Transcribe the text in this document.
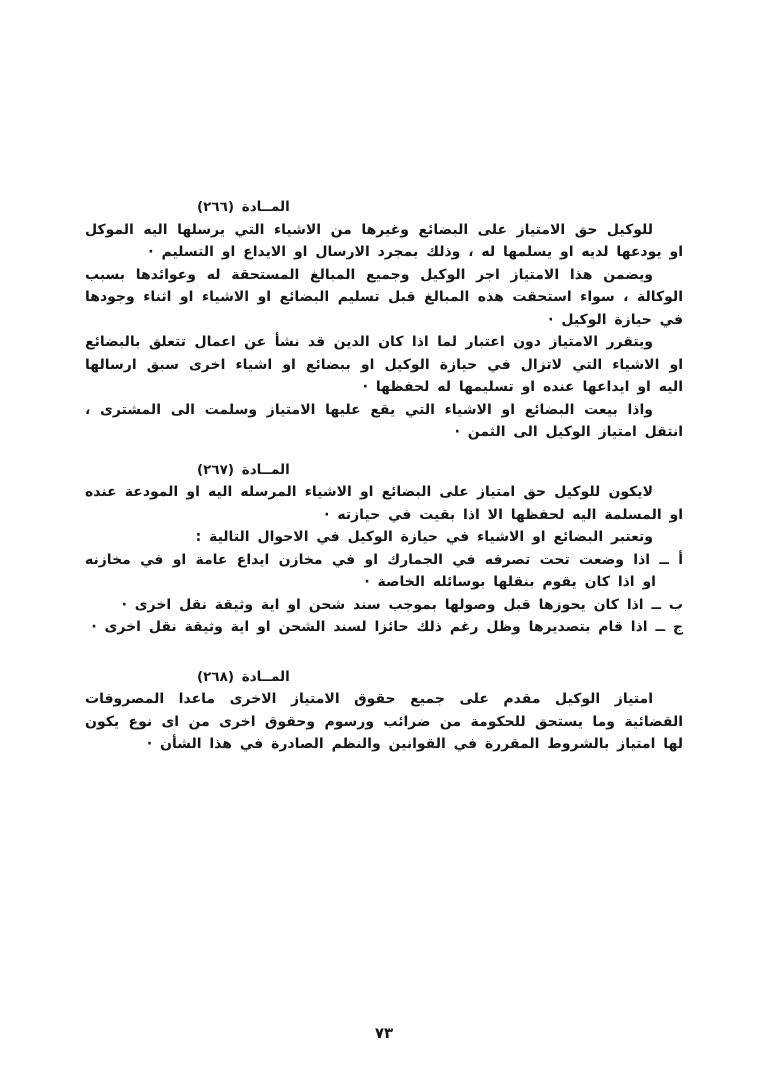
المــادة (٢٦٦)

للوكيل حق الامتياز على البضائع وغيرها من الاشياء التي يرسلها اليه الموكل او يودعها لديه او يسلمها له ، وذلك بمجرد الارسال او الايداع او التسليم ·

ويضمن هذا الامتياز اجر الوكيل وجميع المبالغ المستحقة له وعوائدها بسبب الوكالة ، سواء استحقت هذه المبالغ قبل تسليم البضائع او الاشياء او اثناء وجودها في حيازة الوكيل ·

ويتقرر الامتياز دون اعتبار لما اذا كان الدين قد نشأ عن اعمال تتعلق بالبضائع او الاشياء التي لاتزال في حيازة الوكيل او ببضائع او اشياء اخرى سبق ارسالها اليه او ايداعها عنده او تسليمها له لحفظها ·

واذا بيعت البضائع او الاشياء التي يقع عليها الامتياز وسلمت الى المشترى ، انتقل امتياز الوكيل الى الثمن ·

المــادة (٢٦٧)

لايكون للوكيل حق امتياز على البضائع او الاشياء المرسله اليه او المودعة عنده او المسلمة اليه لحفظها الا اذا بقيت في حيازته ·

وتعتبر البضائع او الاشياء في حيازة الوكيل في الاحوال التالية :

أ ــ اذا وضعت تحت تصرفه في الجمارك او في مخازن ايداع عامة او في مخازنه او اذا كان يقوم بنقلها بوسائله الخاصة ·

ب ــ اذا كان يحوزها قبل وصولها بموجب سند شحن او اية وثيقة نقل اخرى ·

ج ــ اذا قام بتصديرها وظل رغم ذلك حائزا لسند الشحن او اية وثيقة نقل اخرى ·

المــادة (٢٦٨)

امتياز الوكيل مقدم على جميع حقوق الامتياز الاخرى ماعدا المصروفات القضائية وما يستحق للحكومة من ضرائب ورسوم وحقوق اخرى من اى نوع يكون لها امتياز بالشروط المقررة في القوانين والنظم الصادرة في هذا الشأن ·

٧٣
